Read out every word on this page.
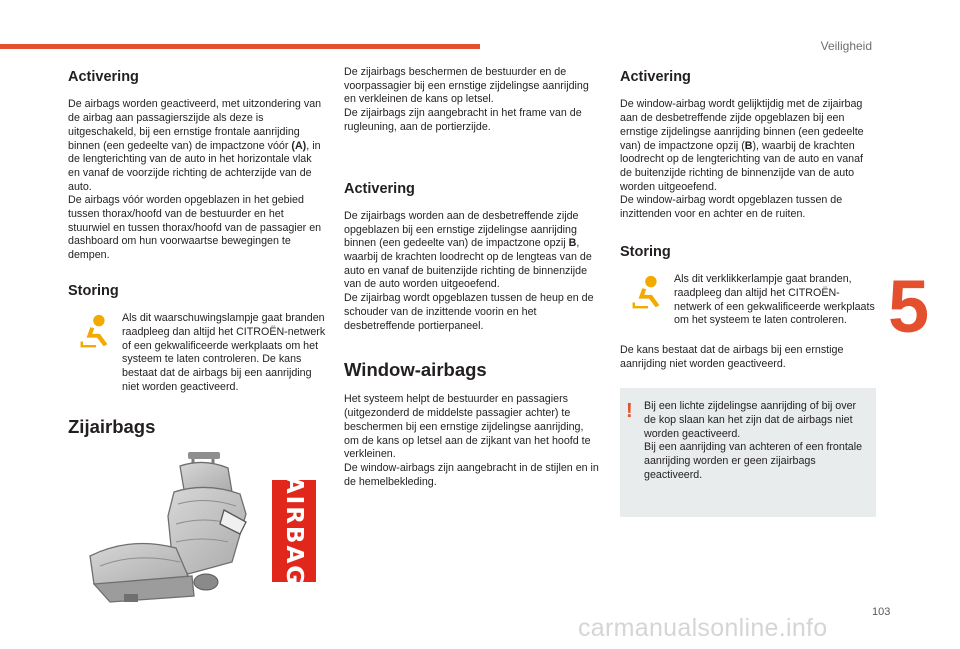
Veiligheid
5
Activering

De airbags worden geactiveerd, met uitzondering van de airbag aan passagierszijde als deze is uitgeschakeld, bij een ernstige frontale aanrijding binnen (een gedeelte van) de impactzone vóór (A), in de lengterichting van de auto in het horizontale vlak en vanaf de voorzijde richting de achterzijde van de auto.
De airbags vóór worden opgeblazen in het gebied tussen thorax/hoofd van de bestuurder en het stuurwiel en tussen thorax/hoofd van de passagier en dashboard om hun voorwaartse bewegingen te dempen.

Storing

Als dit waarschuwingslampje gaat branden raadpleeg dan altijd het CITROËN-netwerk of een gekwalificeerde werkplaats om het systeem te laten controleren. De kans bestaat dat de airbags bij een aanrijding niet worden geactiveerd.

Zijairbags
AIRBAG

De zijairbags beschermen de bestuurder en de voorpassagier bij een ernstige zijdelingse aanrijding en verkleinen de kans op letsel.
De zijairbags zijn aangebracht in het frame van de rugleuning, aan de portierzijde.

Activering

De zijairbags worden aan de desbetreffende zijde opgeblazen bij een ernstige zijdelingse aanrijding binnen (een gedeelte van) de impactzone opzij B, waarbij de krachten loodrecht op de lengteas van de auto en vanaf de buitenzijde richting de binnenzijde van de auto worden uitgeoefend.
De zijairbag wordt opgeblazen tussen de heup en de schouder van de inzittende voorin en het desbetreffende portierpaneel.

Window-airbags

Het systeem helpt de bestuurder en passagiers (uitgezonderd de middelste passagier achter) te beschermen bij een ernstige zijdelingse aanrijding, om de kans op letsel aan de zijkant van het hoofd te verkleinen.
De window-airbags zijn aangebracht in de stijlen en in de hemelbekleding.

Activering

De window-airbag wordt gelijktijdig met de zijairbag aan de desbetreffende zijde opgeblazen bij een ernstige zijdelingse aanrijding binnen (een gedeelte van) de impactzone opzij (B), waarbij de krachten loodrecht op de lengterichting van de auto en vanaf de buitenzijde richting de binnenzijde van de auto worden uitgeoefend.
De window-airbag wordt opgeblazen tussen de inzittenden voor en achter en de ruiten.

Storing

Als dit verklikkerlampje gaat branden, raadpleeg dan altijd het CITROËN-netwerk of een gekwalificeerde werkplaats om het systeem te laten controleren.

De kans bestaat dat de airbags bij een ernstige aanrijding niet worden geactiveerd.

! Bij een lichte zijdelingse aanrijding of bij over de kop slaan kan het zijn dat de airbags niet worden geactiveerd.
Bij een aanrijding van achteren of een frontale aanrijding worden er geen zijairbags geactiveerd.

103
carmanualsonline.info
